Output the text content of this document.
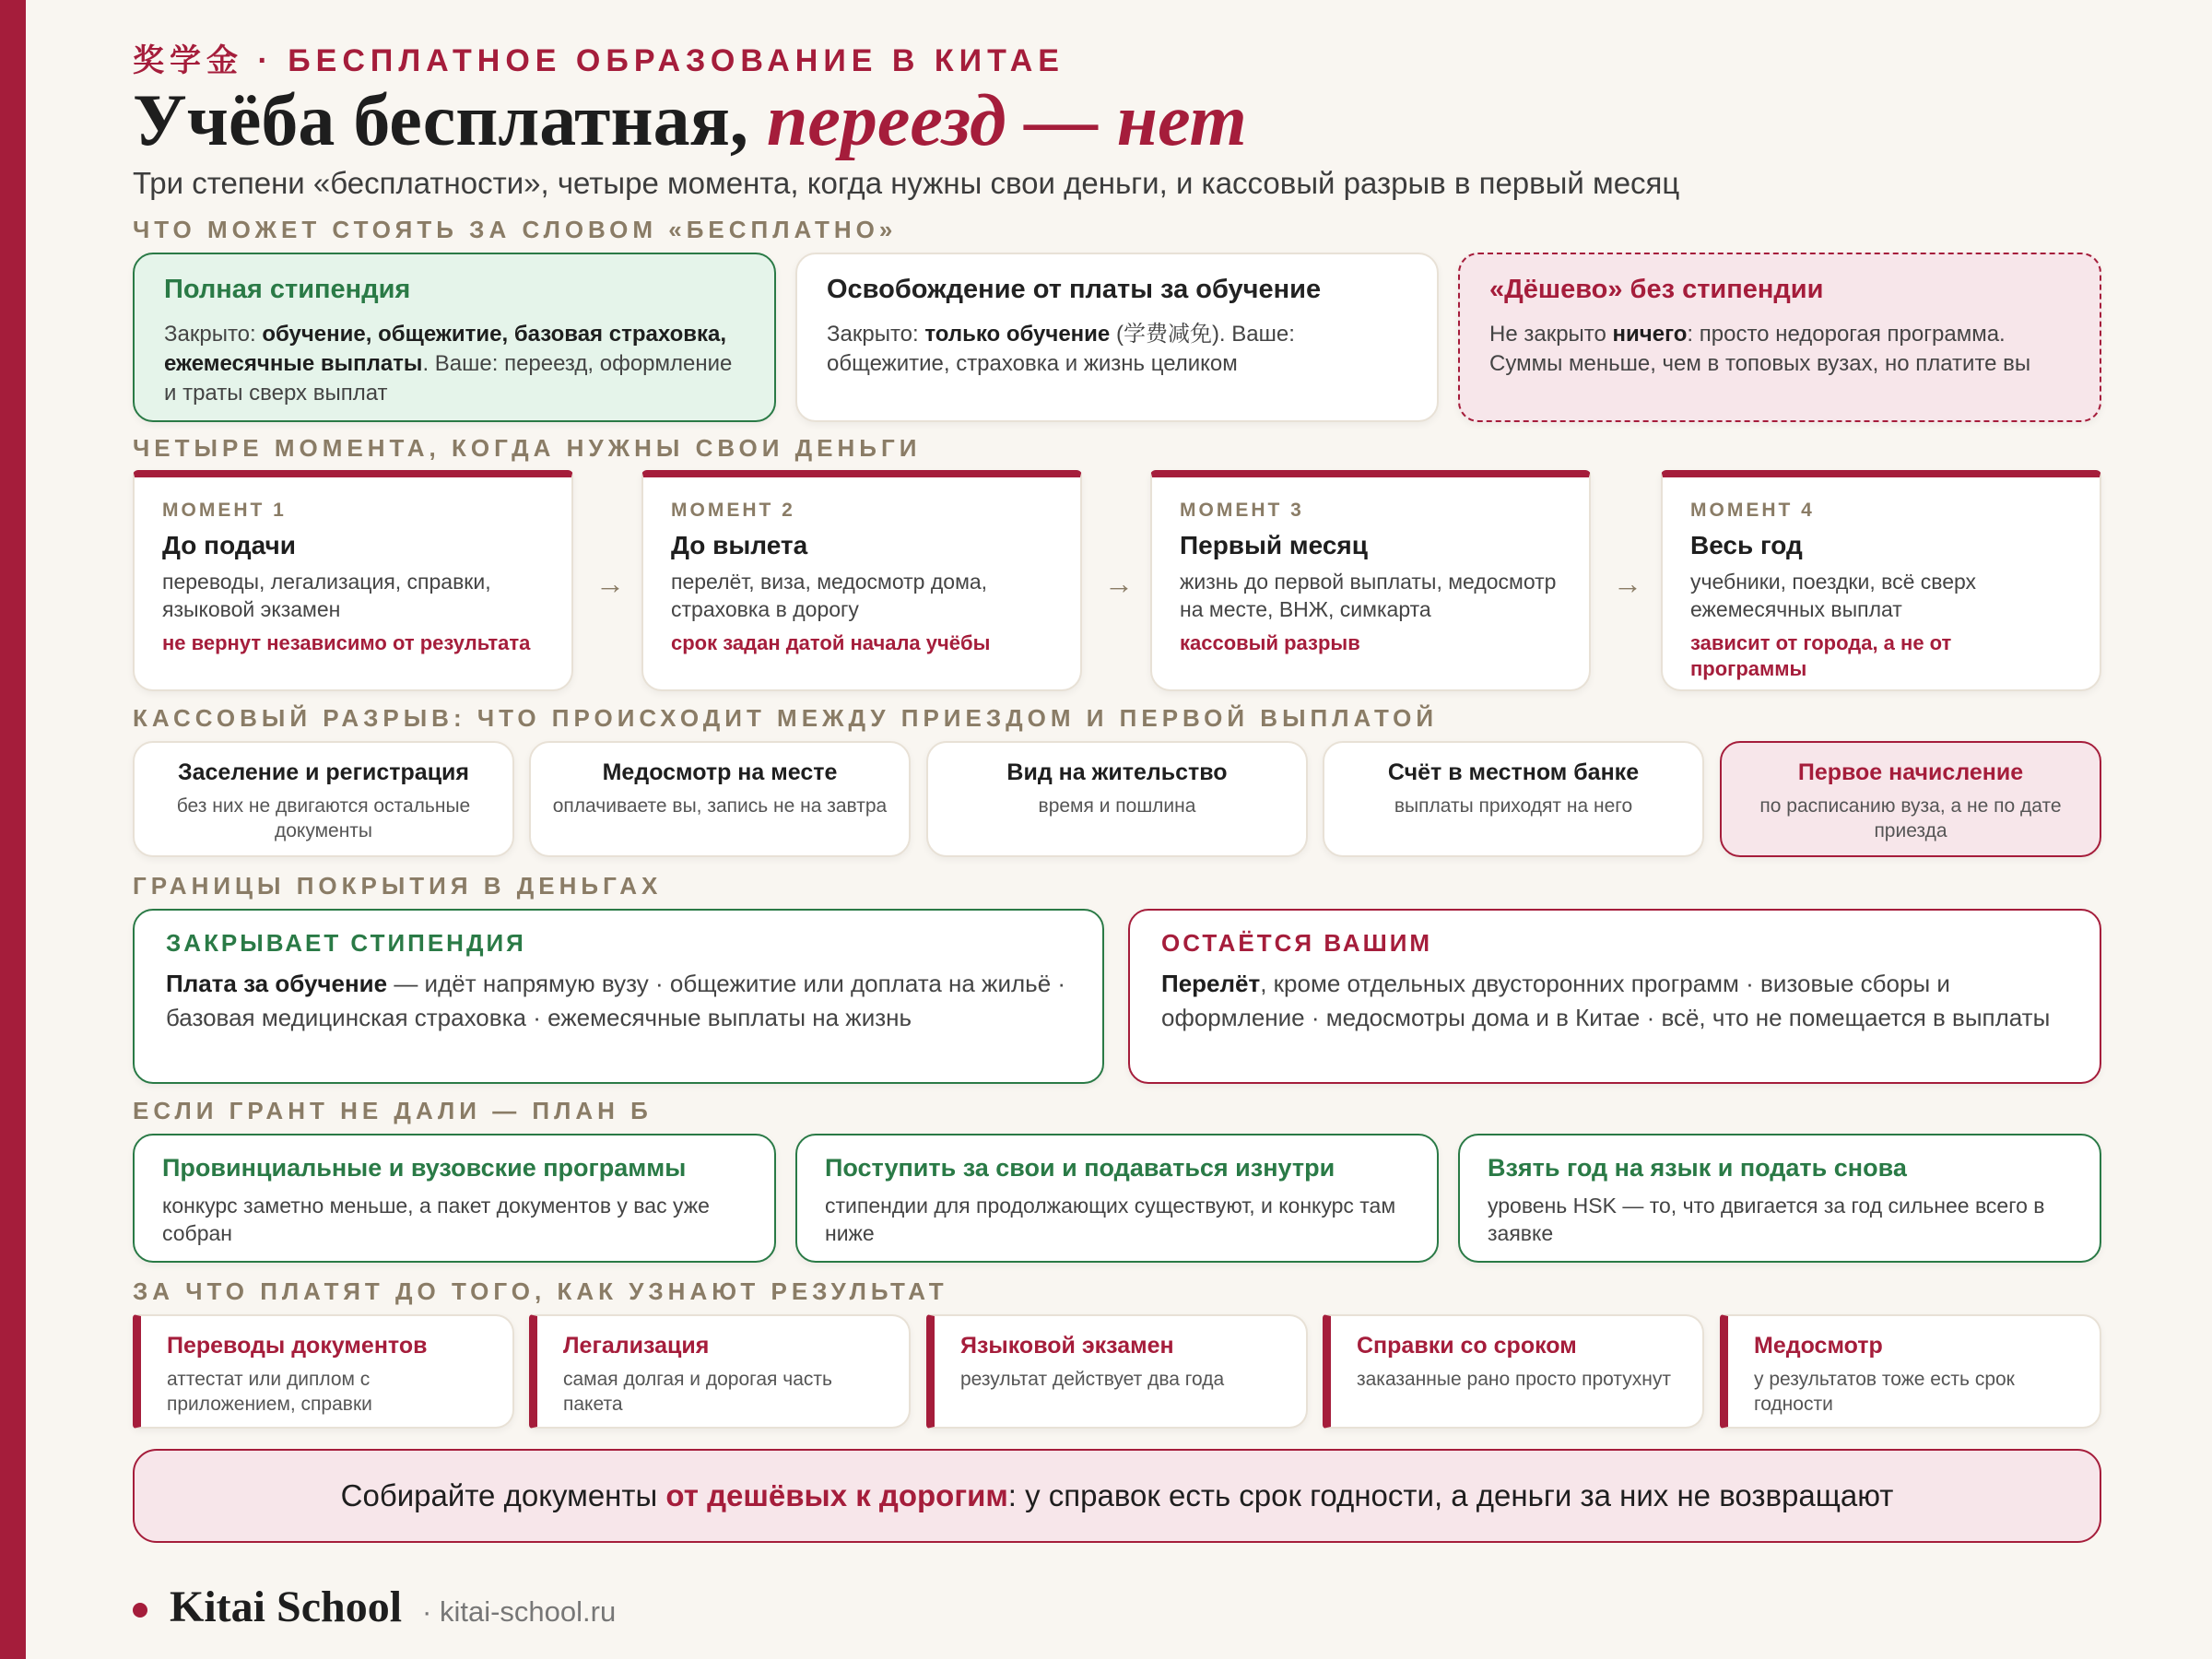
奖学金 · БЕСПЛАТНОЕ ОБРАЗОВАНИЕ В КИТАЕ
Учёба бесплатная, переезд — нет
Три степени «бесплатности», четыре момента, когда нужны свои деньги, и кассовый разрыв в первый месяц
ЧТО МОЖЕТ СТОЯТЬ ЗА СЛОВОМ «БЕСПЛАТНО»
Полная стипендия

Закрыто: обучение, общежитие, базовая страховка, ежемесячные выплаты. Ваше: переезд, оформление и траты сверх выплат

Освобождение от платы за обучение

Закрыто: только обучение (学费减免). Ваше: общежитие, страховка и жизнь целиком

«Дёшево» без стипендии

Не закрыто ничего: просто недорогая программа. Суммы меньше, чем в топовых вузах, но платите вы

ЧЕТЫРЕ МОМЕНТА, КОГДА НУЖНЫ СВОИ ДЕНЬГИ
МОМЕНТ 1
До подачи
переводы, легализация, справки, языковой экзамен
не вернут независимо от результата
→
МОМЕНТ 2
До вылета
перелёт, виза, медосмотр дома, страховка в дорогу
срок задан датой начала учёбы
→
МОМЕНТ 3
Первый месяц
жизнь до первой выплаты, медосмотр на месте, ВНЖ, симкарта
кассовый разрыв
→
МОМЕНТ 4
Весь год
учебники, поездки, всё сверх ежемесячных выплат
зависит от города, а не от программы
КАССОВЫЙ РАЗРЫВ: ЧТО ПРОИСХОДИТ МЕЖДУ ПРИЕЗДОМ И ПЕРВОЙ ВЫПЛАТОЙ
Заселение и регистрация
без них не двигаются остальные документы
Медосмотр на месте
оплачиваете вы, запись не на завтра
Вид на жительство
время и пошлина
Счёт в местном банке
выплаты приходят на него
Первое начисление
по расписанию вуза, а не по дате приезда
ГРАНИЦЫ ПОКРЫТИЯ В ДЕНЬГАХ
ЗАКРЫВАЕТ СТИПЕНДИЯ
Плата за обучение — идёт напрямую вузу · общежитие или доплата на жильё · базовая медицинская страховка · ежемесячные выплаты на жизнь
ОСТАЁТСЯ ВАШИМ
Перелёт, кроме отдельных двусторонних программ · визовые сборы и оформление · медосмотры дома и в Китае · всё, что не помещается в выплаты
ЕСЛИ ГРАНТ НЕ ДАЛИ — ПЛАН Б
Провинциальные и вузовские программы
конкурс заметно меньше, а пакет документов у вас уже собран
Поступить за свои и подаваться изнутри
стипендии для продолжающих существуют, и конкурс там ниже
Взять год на язык и подать снова
уровень HSK — то, что двигается за год сильнее всего в заявке
ЗА ЧТО ПЛАТЯТ ДО ТОГО, КАК УЗНАЮТ РЕЗУЛЬТАТ
Переводы документов
аттестат или диплом с приложением, справки
Легализация
самая долгая и дорогая часть пакета
Языковой экзамен
результат действует два года
Справки со сроком
заказанные рано просто протухнут
Медосмотр
у результатов тоже есть срок годности
Собирайте документы
от дешёвых к дорогим : у справок есть срок годности, а деньги за них не возвращают
Kitai School · kitai-school.ru
